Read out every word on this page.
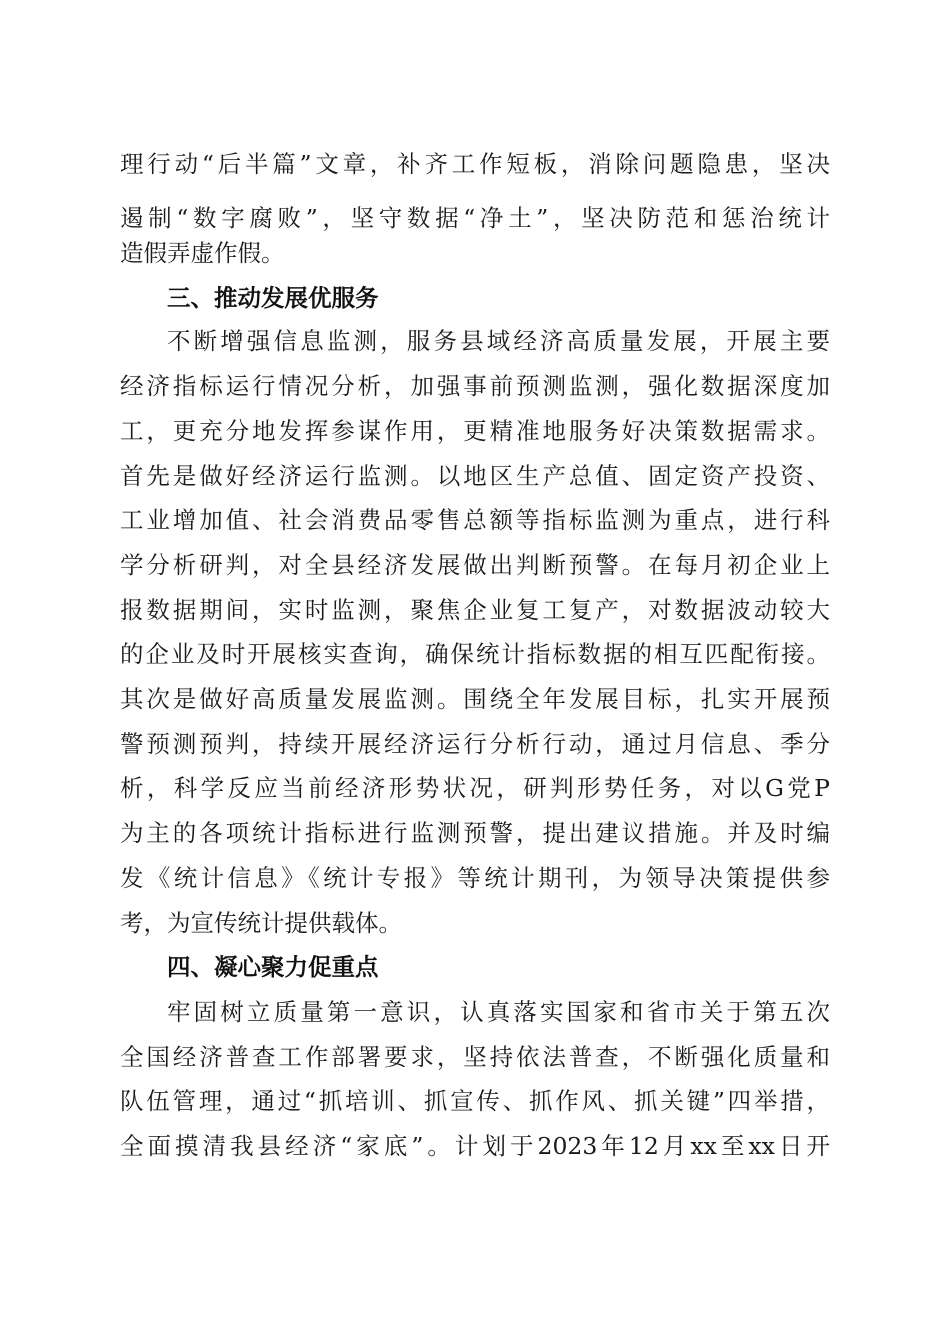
理行动“后半篇”文章，补齐工作短板，消除问题隐患，坚决
遏制“数字腐败”，坚守数据“净土”，坚决防范和惩治统计
造假弄虚作假。
三、推动发展优服务
不断增强信息监测，服务县域经济高质量发展，开展主要
经济指标运行情况分析，加强事前预测监测，强化数据深度加
工，更充分地发挥参谋作用，更精准地服务好决策数据需求。
首先是做好经济运行监测。以地区生产总值、固定资产投资、
工业增加值、社会消费品零售总额等指标监测为重点，进行科
学分析研判，对全县经济发展做出判断预警。在每月初企业上
报数据期间，实时监测，聚焦企业复工复产，对数据波动较大
的企业及时开展核实查询，确保统计指标数据的相互匹配衔接。
其次是做好高质量发展监测。围绕全年发展目标，扎实开展预
警预测预判，持续开展经济运行分析行动，通过月信息、季分
析，科学反应当前经济形势状况，研判形势任务，对以G党P
为主的各项统计指标进行监测预警，提出建议措施。并及时编
发《统计信息》《统计专报》等统计期刊，为领导决策提供参
考，为宣传统计提供载体。
四、凝心聚力促重点
牢固树立质量第一意识，认真落实国家和省市关于第五次
全国经济普查工作部署要求，坚持依法普查，不断强化质量和
队伍管理，通过“抓培训、抓宣传、抓作风、抓关键”四举措，
全面摸清我县经济“家底”。计划于2023年12月xx至xx日开
